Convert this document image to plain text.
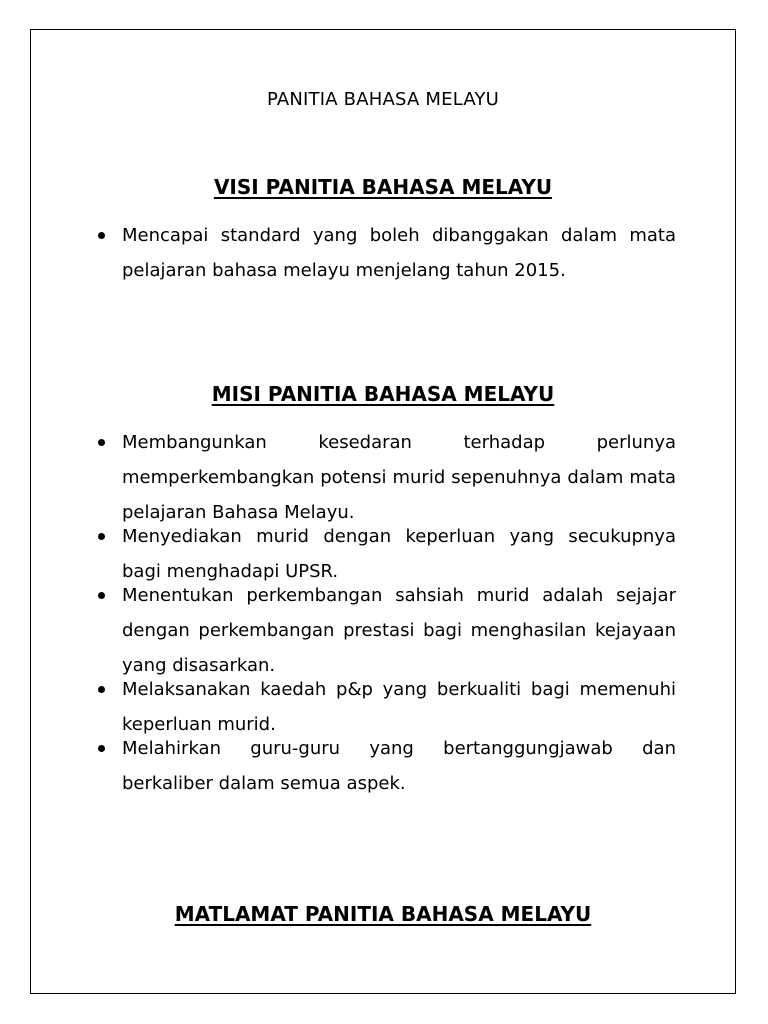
PANITIA BAHASA MELAYU
VISI PANITIA BAHASA MELAYU
Mencapai standard yang boleh dibanggakan dalam mata pelajaran bahasa melayu menjelang tahun 2015.
MISI PANITIA BAHASA MELAYU
Membangunkan kesedaran terhadap perlunya memperkembangkan potensi murid sepenuhnya dalam mata pelajaran Bahasa Melayu.
Menyediakan murid dengan keperluan yang secukupnya bagi menghadapi UPSR.
Menentukan perkembangan sahsiah murid adalah sejajar dengan perkembangan prestasi bagi menghasilan kejayaan yang disasarkan.
Melaksanakan kaedah p&p yang berkualiti bagi memenuhi keperluan murid.
Melahirkan guru-guru yang bertanggungjawab dan berkaliber dalam semua aspek.
MATLAMAT PANITIA BAHASA MELAYU
